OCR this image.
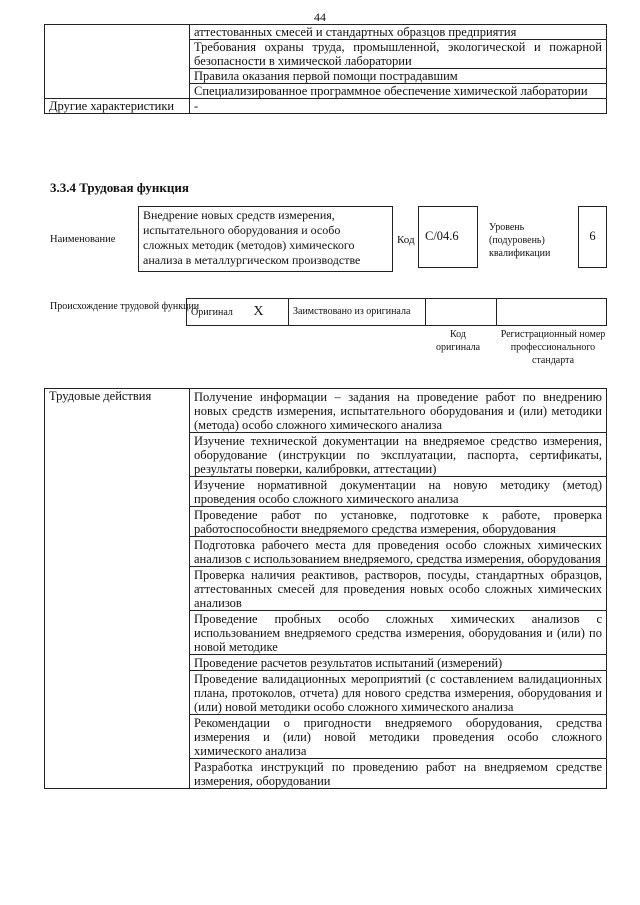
44
	аттестованных смесей и стандартных образцов предприятия
	Требования охраны труда, промышленной, экологической и пожарной безопасности в химической лаборатории
	Правила оказания первой помощи пострадавшим
	Специализированное программное обеспечение химической лаборатории
Другие характеристики	-
3.3.4 Трудовая функция
Наименование
Внедрение новых средств измерения, испытательного оборудования и особо сложных методик (методов) химического анализа в металлургическом производстве
Код C/04.6
Уровень (подуровень) квалификации
6
Происхождение трудовой функции
Оригинал X	Заимствовано из оригинала		
Код оригинала
Регистрационный номер профессионального стандарта
Трудовые действия	Получение информации – задания на проведение работ по внедрению новых средств измерения, испытательного оборудования и (или) методики (метода) особо сложного химического анализа
Изучение технической документации на внедряемое средство измерения, оборудование (инструкции по эксплуатации, паспорта, сертификаты, результаты поверки, калибровки, аттестации)
Изучение нормативной документации на новую методику (метод) проведения особо сложного химического анализа
Проведение работ по установке, подготовке к работе, проверка работоспособности внедряемого средства измерения, оборудования
Подготовка рабочего места для проведения особо сложных химических анализов с использованием внедряемого, средства измерения, оборудования
Проверка наличия реактивов, растворов, посуды, стандартных образцов, аттестованных смесей для проведения новых особо сложных химических анализов
Проведение пробных особо сложных химических анализов с использованием внедряемого средства измерения, оборудования и (или) по новой методике
Проведение расчетов результатов испытаний (измерений)
Проведение валидационных мероприятий (с составлением валидационных плана, протоколов, отчета) для нового средства измерения, оборудования и (или) новой методики особо сложного химического анализа
Рекомендации о пригодности внедряемого оборудования, средства измерения и (или) новой методики проведения особо сложного химического анализа
Разработка инструкций по проведению работ на внедряемом средстве измерения, оборудовании
